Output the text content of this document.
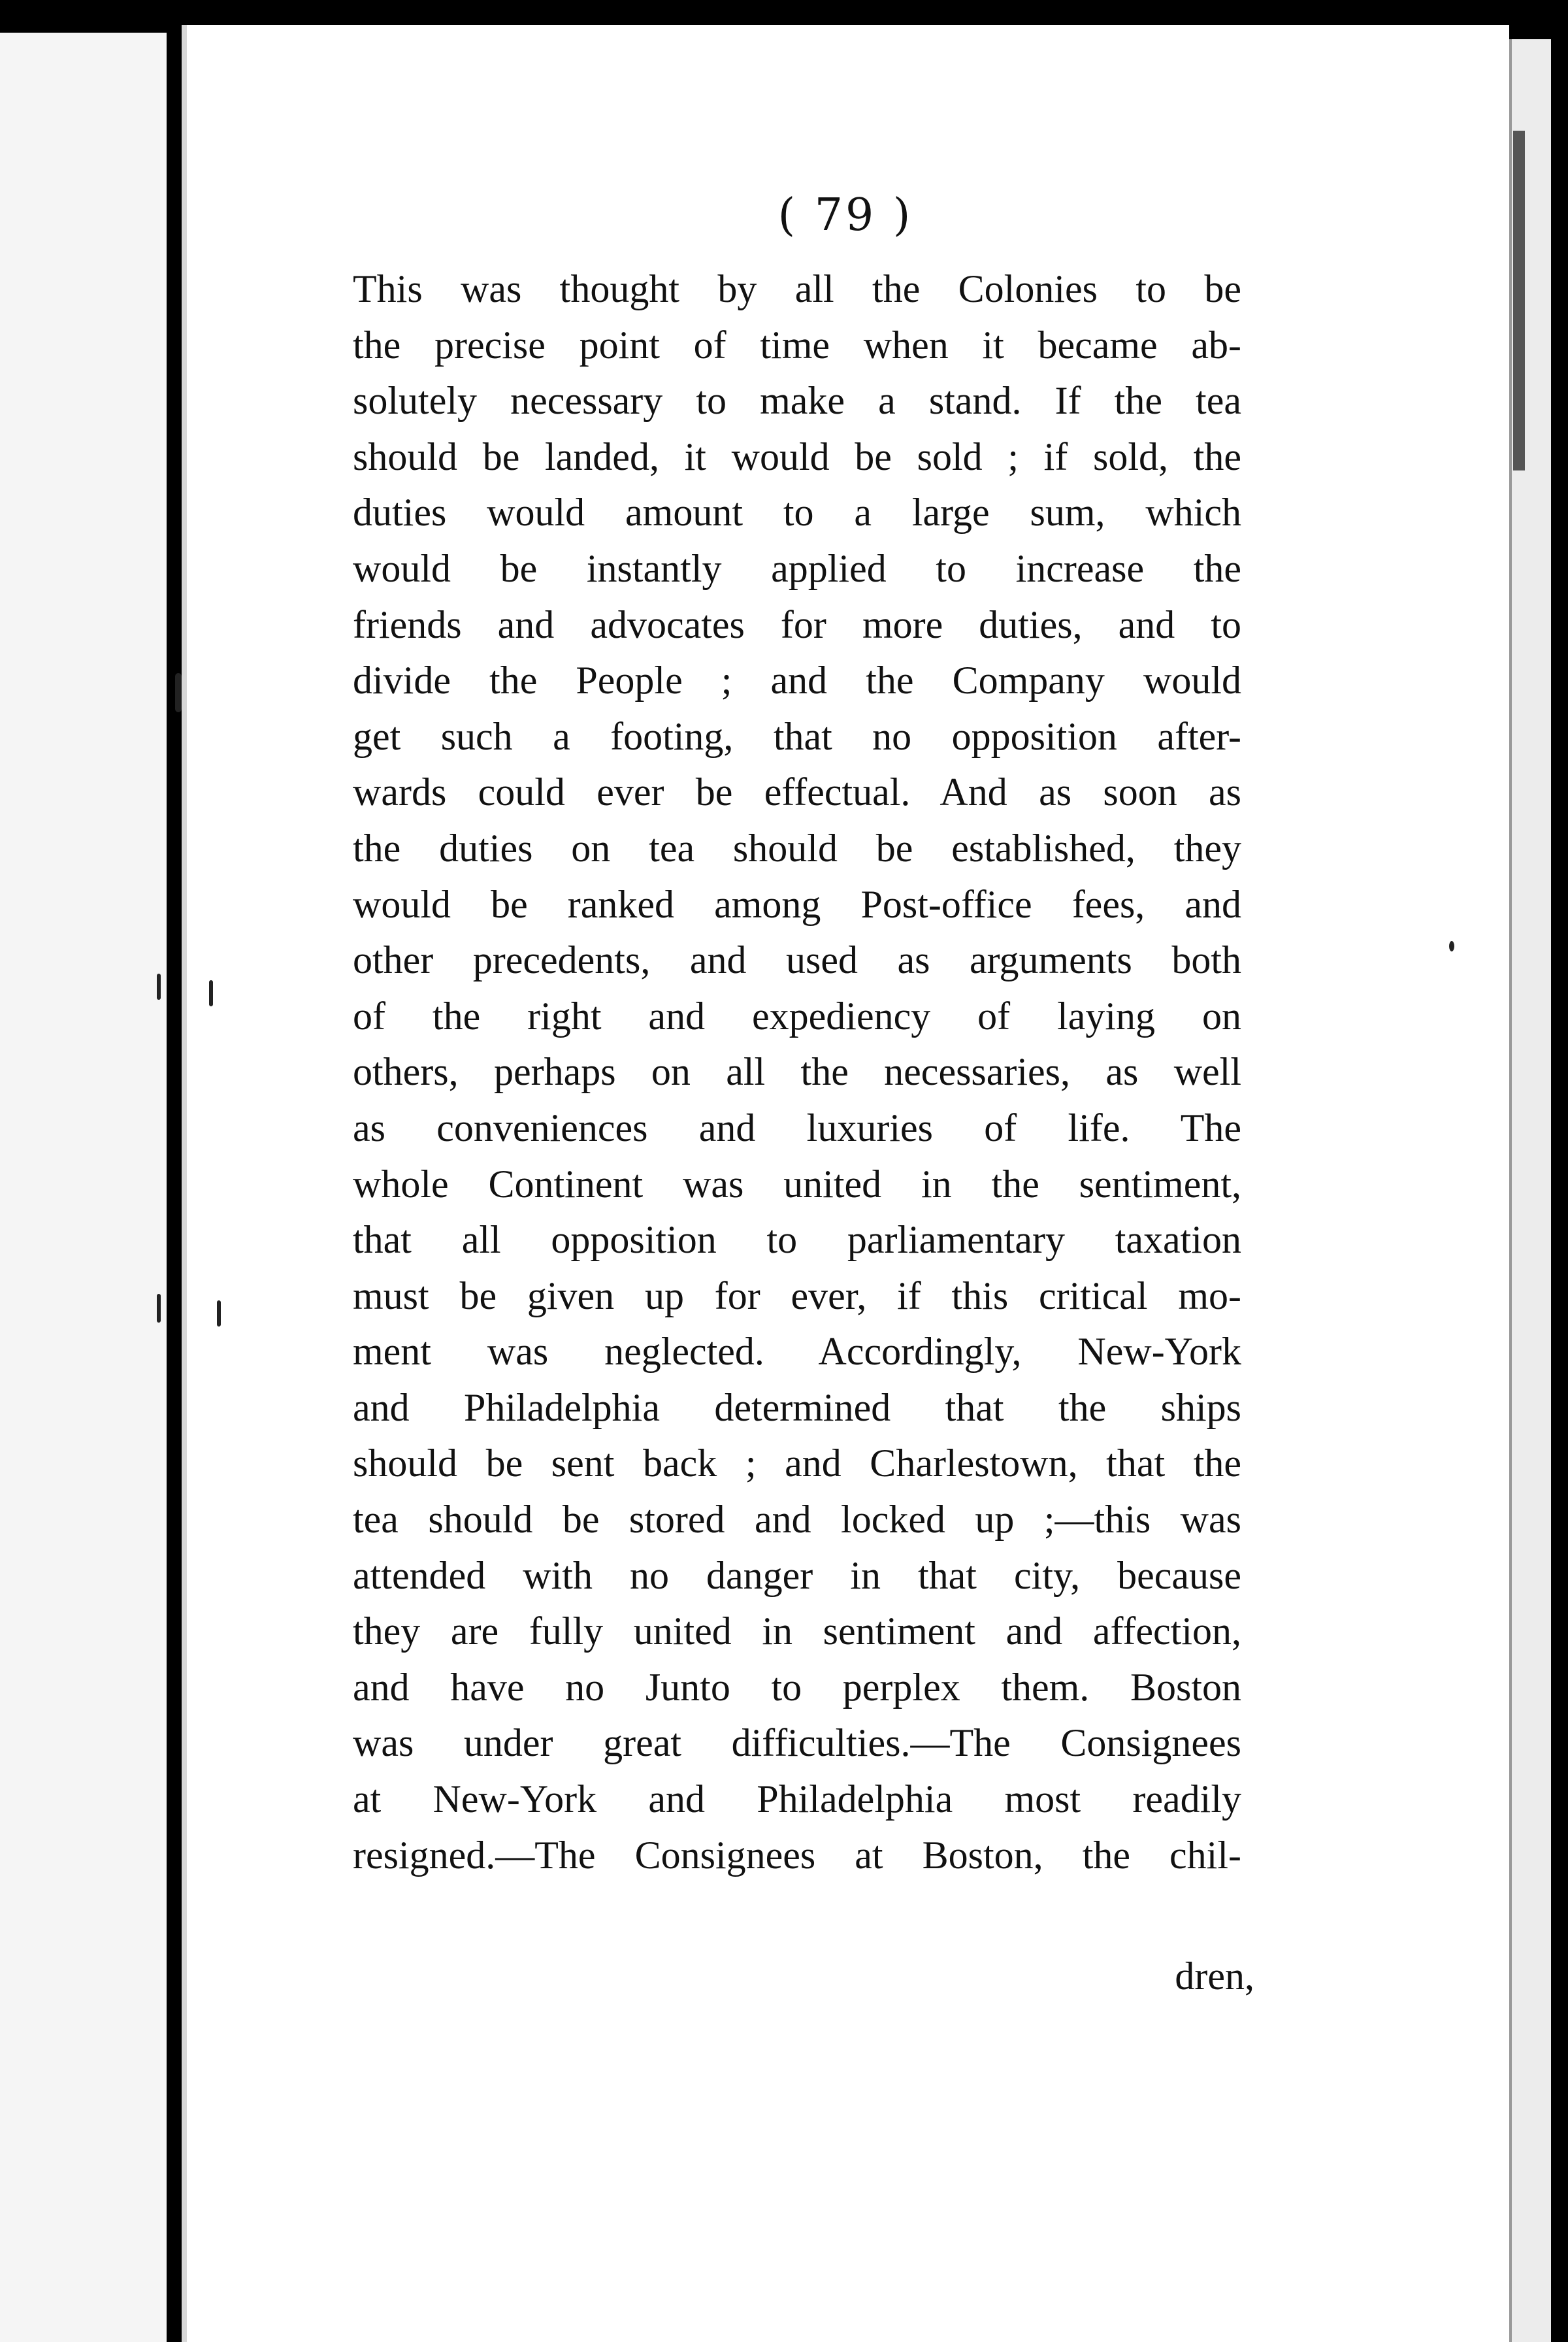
( 79 )
This was thought by all the Colonies to be
the precise point of time when it became ab-
solutely necessary to make a stand. If the tea
should be landed, it would be sold ; if sold, the
duties would amount to a large sum, which
would be instantly applied to increase the
friends and advocates for more duties, and to
divide the People ; and the Company would
get such a footing, that no opposition after-
wards could ever be effectual. And as soon as
the duties on tea should be established, they
would be ranked among Post-office fees, and
other precedents, and used as arguments both
of the right and expediency of laying on
others, perhaps on all the necessaries, as well
as conveniences and luxuries of life. The
whole Continent was united in the sentiment,
that all opposition to parliamentary taxation
must be given up for ever, if this critical mo-
ment was neglected. Accordingly, New-York
and Philadelphia determined that the ships
should be sent back ; and Charlestown, that the
tea should be stored and locked up ;—this was
attended with no danger in that city, because
they are fully united in sentiment and affection,
and have no Junto to perplex them. Boston
was under great difficulties.—The Consignees
at New-York and Philadelphia most readily
resigned.—The Consignees at Boston, the chil-
dren,
